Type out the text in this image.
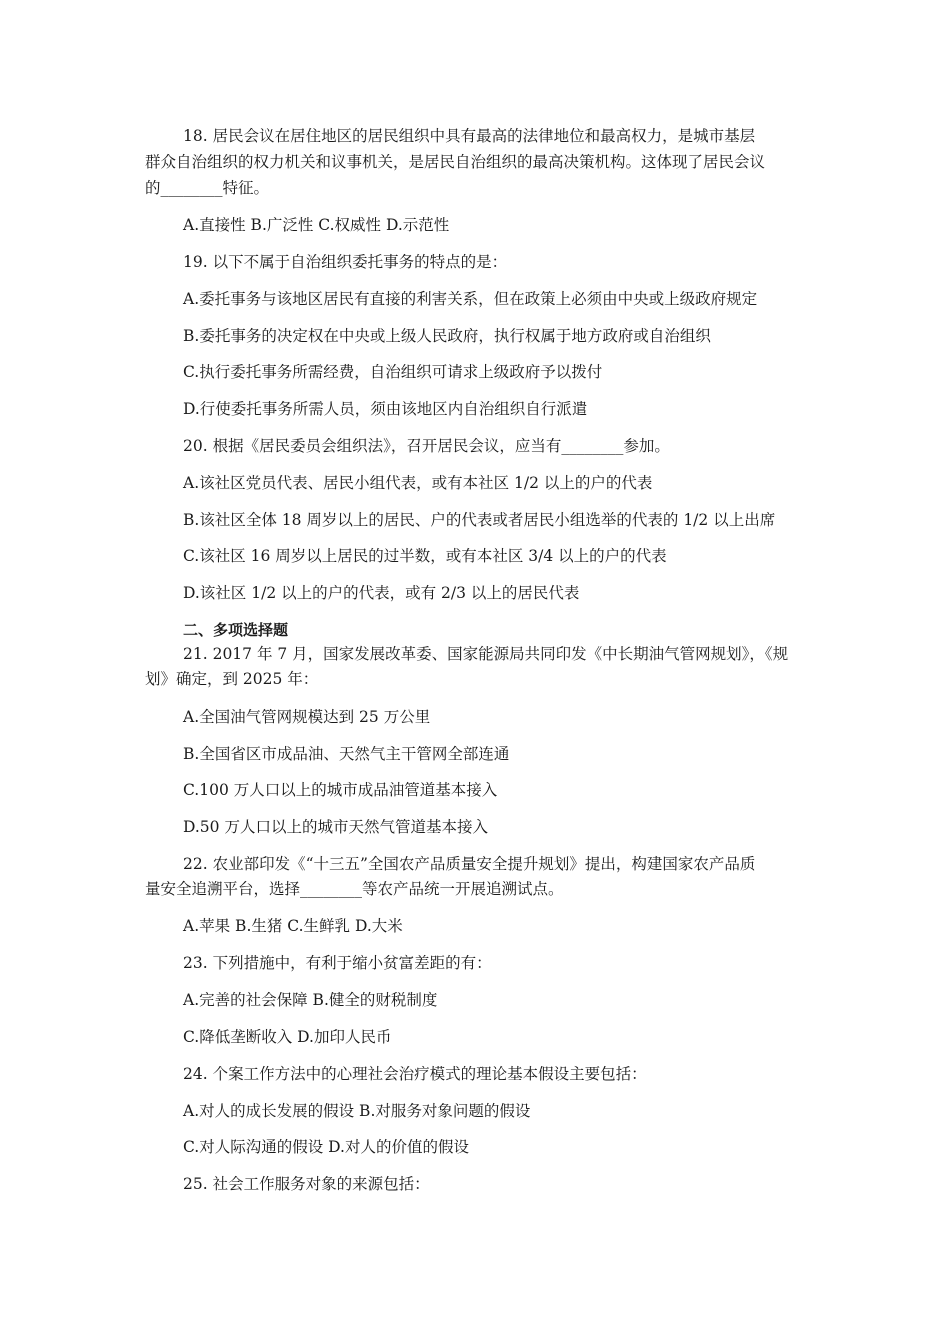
18. 居民会议在居住地区的居民组织中具有最高的法律地位和最高权力，是城市基层
群众自治组织的权力机关和议事机关，是居民自治组织的最高决策机构。这体现了居民会议
的________特征。
A.直接性 B.广泛性 C.权威性 D.示范性
19. 以下不属于自治组织委托事务的特点的是：
A.委托事务与该地区居民有直接的利害关系，但在政策上必须由中央或上级政府规定
B.委托事务的决定权在中央或上级人民政府，执行权属于地方政府或自治组织
C.执行委托事务所需经费，自治组织可请求上级政府予以拨付
D.行使委托事务所需人员，须由该地区内自治组织自行派遣
20. 根据《居民委员会组织法》，召开居民会议，应当有________参加。
A.该社区党员代表、居民小组代表，或有本社区 1/2 以上的户的代表
B.该社区全体 18 周岁以上的居民、户的代表或者居民小组选举的代表的 1/2 以上出席
C.该社区 16 周岁以上居民的过半数，或有本社区 3/4 以上的户的代表
D.该社区 1/2 以上的户的代表，或有 2/3 以上的居民代表
二、多项选择题
21. 2017 年 7 月，国家发展改革委、国家能源局共同印发《中长期油气管网规划》，《规
划》确定，到 2025 年：
A.全国油气管网规模达到 25 万公里
B.全国省区市成品油、天然气主干管网全部连通
C.100 万人口以上的城市成品油管道基本接入
D.50 万人口以上的城市天然气管道基本接入
22. 农业部印发《“十三五”全国农产品质量安全提升规划》提出，构建国家农产品质
量安全追溯平台，选择________等农产品统一开展追溯试点。
A.苹果 B.生猪 C.生鲜乳 D.大米
23. 下列措施中，有利于缩小贫富差距的有：
A.完善的社会保障 B.健全的财税制度
C.降低垄断收入 D.加印人民币
24. 个案工作方法中的心理社会治疗模式的理论基本假设主要包括：
A.对人的成长发展的假设 B.对服务对象问题的假设
C.对人际沟通的假设 D.对人的价值的假设
25. 社会工作服务对象的来源包括：
